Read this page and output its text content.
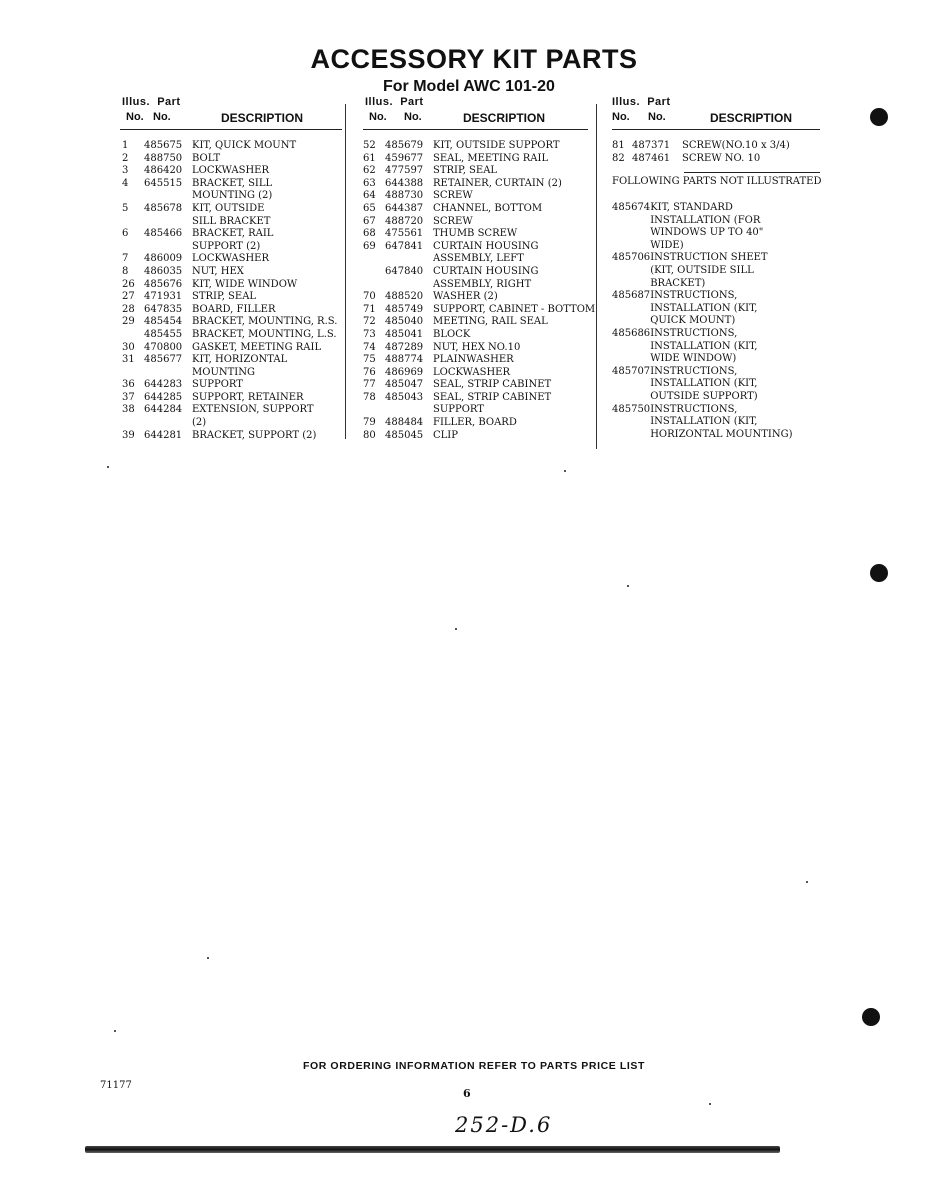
ACCESSORY KIT PARTS
For Model AWC 101-20
Illus. Part
No. No.	DESCRIPTION
1	485675	KIT, QUICK MOUNT
2	488750	BOLT
3	486420	LOCKWASHER
4	645515	BRACKET, SILL
		MOUNTING (2)
5	485678	KIT, OUTSIDE
		SILL BRACKET
6	485466	BRACKET, RAIL
		SUPPORT (2)
7	486009	LOCKWASHER
8	486035	NUT, HEX
26	485676	KIT, WIDE WINDOW
27	471931	STRIP, SEAL
28	647835	BOARD, FILLER
29	485454	BRACKET, MOUNTING, R.S.
	485455	BRACKET, MOUNTING, L.S.
30	470800	GASKET, MEETING RAIL
31	485677	KIT, HORIZONTAL
		MOUNTING
36	644283	SUPPORT
37	644285	SUPPORT, RETAINER
38	644284	EXTENSION, SUPPORT
		(2)
39	644281	BRACKET, SUPPORT (2)
Illus. Part
No. No.	DESCRIPTION
52	485679	KIT, OUTSIDE SUPPORT
61	459677	SEAL, MEETING RAIL
62	477597	STRIP, SEAL
63	644388	RETAINER, CURTAIN (2)
64	488730	SCREW
65	644387	CHANNEL, BOTTOM
67	488720	SCREW
68	475561	THUMB SCREW
69	647841	CURTAIN HOUSING
		ASSEMBLY, LEFT
	647840	CURTAIN HOUSING
		ASSEMBLY, RIGHT
70	488520	WASHER (2)
71	485749	SUPPORT, CABINET - BOTTOM
72	485040	MEETING, RAIL SEAL
73	485041	BLOCK
74	487289	NUT, HEX NO.10
75	488774	PLAINWASHER
76	486969	LOCKWASHER
77	485047	SEAL, STRIP CABINET
78	485043	SEAL, STRIP CABINET
		SUPPORT
79	488484	FILLER, BOARD
80	485045	CLIP
Illus. Part
No. No.	DESCRIPTION
81	487371	SCREW(NO.10 x 3/4)
82	487461	SCREW NO. 10
FOLLOWING PARTS NOT ILLUSTRATED
	485674	KIT, STANDARD
		INSTALLATION (FOR
		WINDOWS UP TO 40"
		WIDE)
	485706	INSTRUCTION SHEET
		(KIT, OUTSIDE SILL
		BRACKET)
	485687	INSTRUCTIONS,
		INSTALLATION (KIT,
		QUICK MOUNT)
	485686	INSTRUCTIONS,
		INSTALLATION (KIT,
		WIDE WINDOW)
	485707	INSTRUCTIONS,
		INSTALLATION (KIT,
		OUTSIDE SUPPORT)
	485750	INSTRUCTIONS,
		INSTALLATION (KIT,
		HORIZONTAL MOUNTING)
FOR ORDERING INFORMATION REFER TO PARTS PRICE LIST
71177
6
252-D.6
